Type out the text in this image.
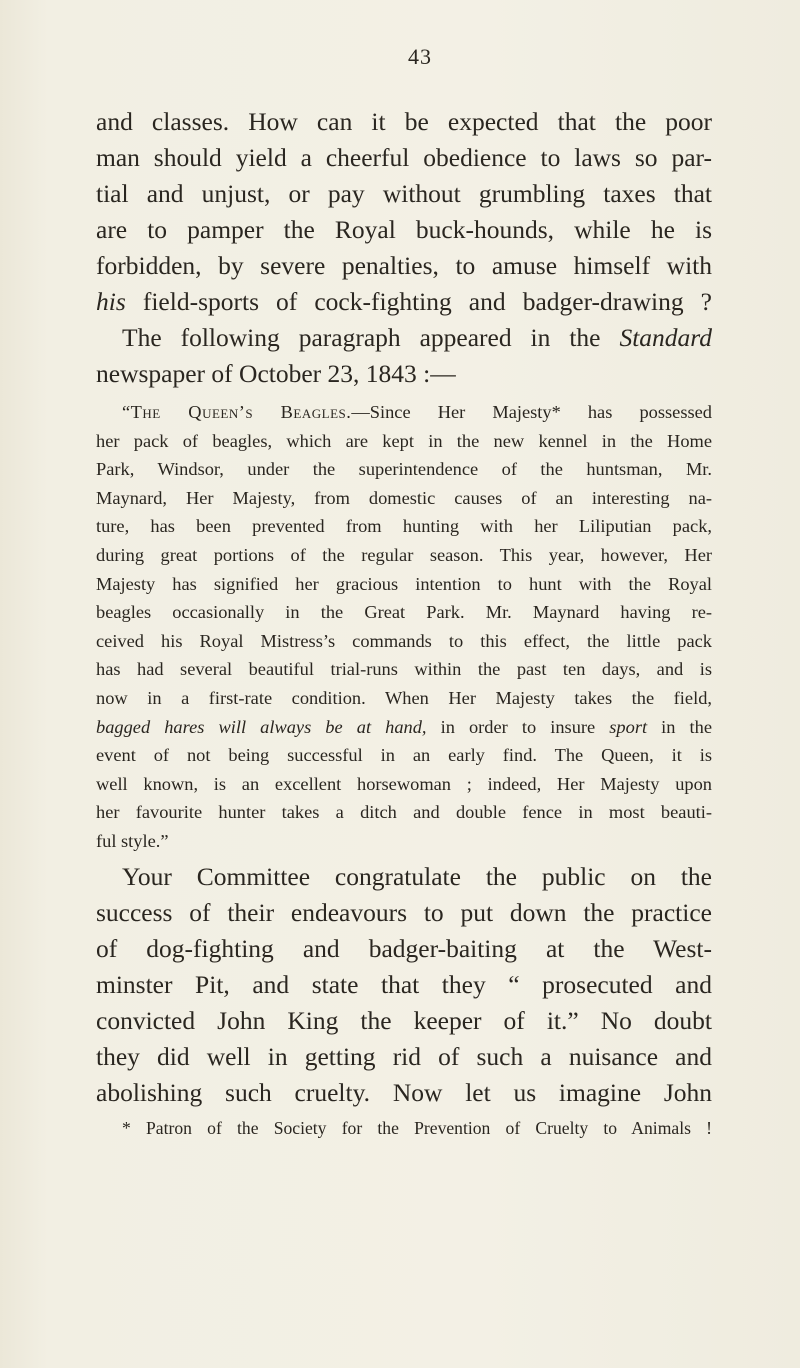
43
and classes. How can it be expected that the poor
man should yield a cheerful obedience to laws so par-
tial and unjust, or pay without grumbling taxes that
are to pamper the Royal buck-hounds, while he is
forbidden, by severe penalties, to amuse himself with
his field-sports of cock-fighting and badger-drawing ?
The following paragraph appeared in the Standard
newspaper of October 23, 1843 :—
“The Queen’s Beagles.—Since Her Majesty* has possessed
her pack of beagles, which are kept in the new kennel in the Home
Park, Windsor, under the superintendence of the huntsman, Mr.
Maynard, Her Majesty, from domestic causes of an interesting na-
ture, has been prevented from hunting with her Liliputian pack,
during great portions of the regular season. This year, however, Her
Majesty has signified her gracious intention to hunt with the Royal
beagles occasionally in the Great Park. Mr. Maynard having re-
ceived his Royal Mistress’s commands to this effect, the little pack
has had several beautiful trial-runs within the past ten days, and is
now in a first-rate condition. When Her Majesty takes the field,
bagged hares will always be at hand, in order to insure sport in the
event of not being successful in an early find. The Queen, it is
well known, is an excellent horsewoman ; indeed, Her Majesty upon
her favourite hunter takes a ditch and double fence in most beauti-
ful style.”
Your Committee congratulate the public on the
success of their endeavours to put down the practice
of dog-fighting and badger-baiting at the West-
minster Pit, and state that they “ prosecuted and
convicted John King the keeper of it.” No doubt
they did well in getting rid of such a nuisance and
abolishing such cruelty. Now let us imagine John
* Patron of the Society for the Prevention of Cruelty to Animals !
